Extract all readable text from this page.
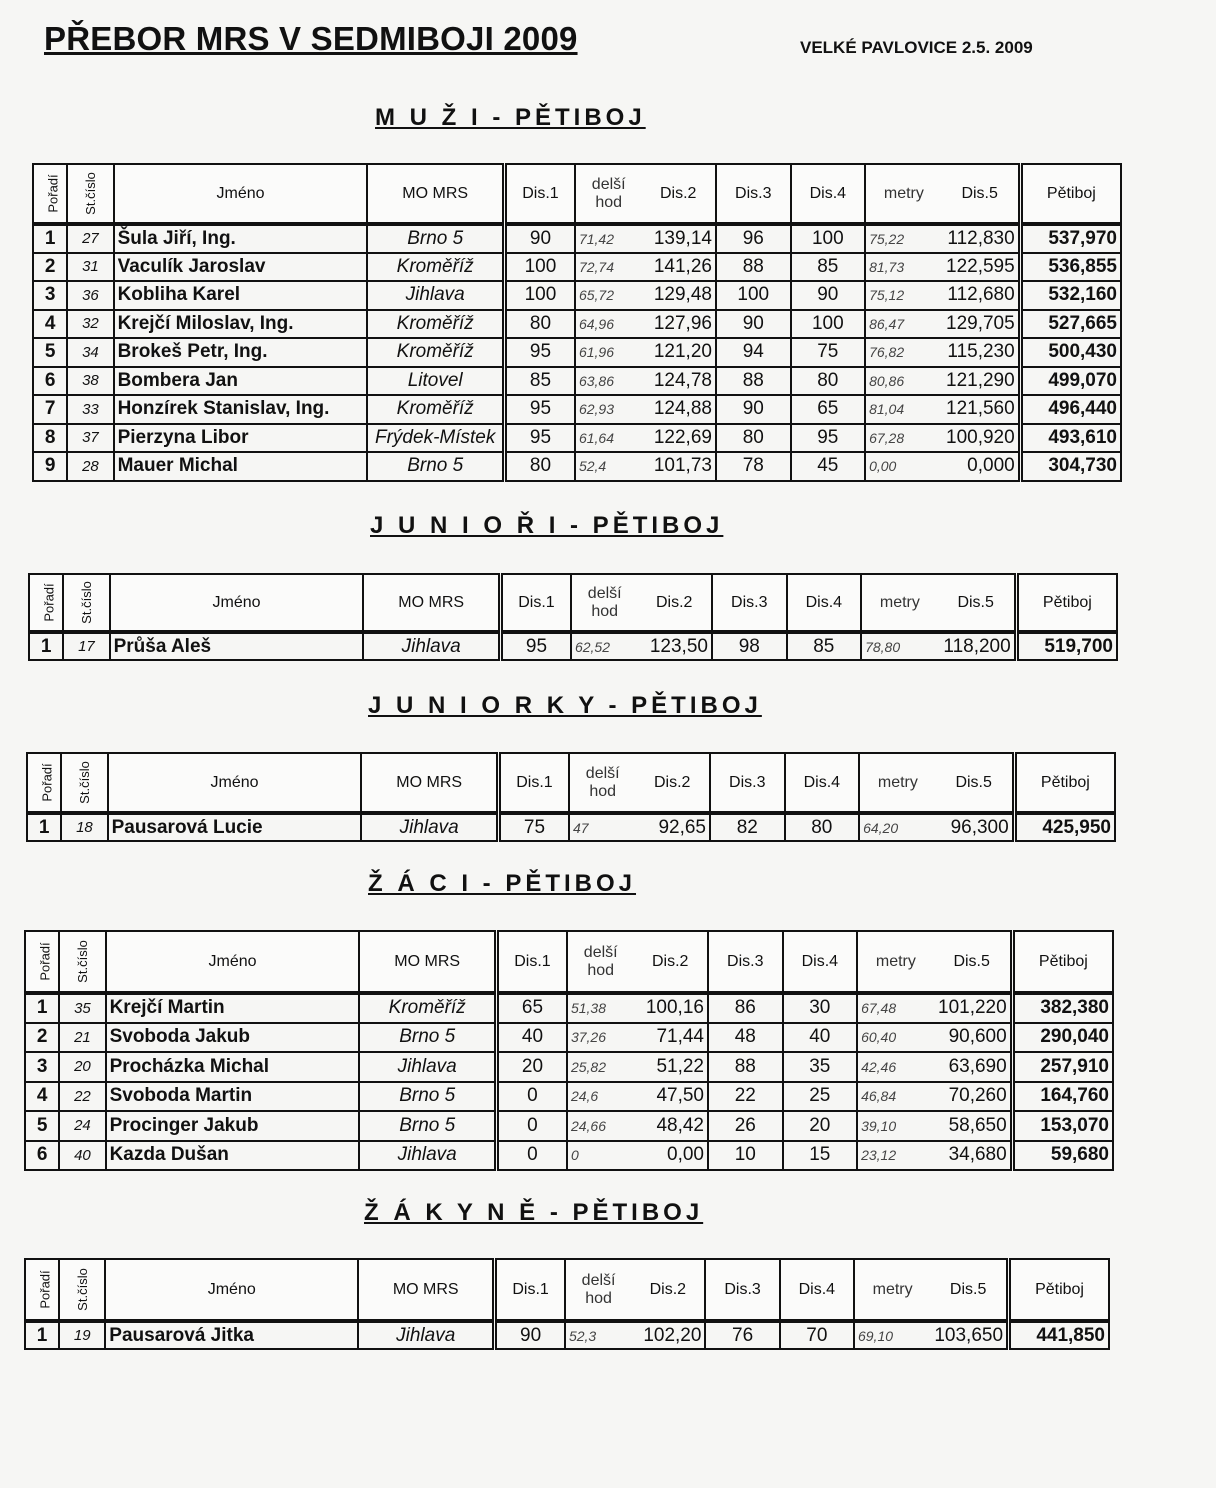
PŘEBOR MRS V SEDMIBOJI 2009	VELKÉ PAVLOVICE 2.5. 2009
M U Ž I - PĚTIBOJ
Pořadí	St.číslo	Jméno	MO MRS	Dis.1	delší
hod	Dis.2	Dis.3	Dis.4	metry	Dis.5	Pětiboj
1	27	Šula Jiří, Ing.	Brno 5	90	71,42	139,14	96	100	75,22	112,830	537,970
2	31	Vaculík Jaroslav	Kroměříž	100	72,74	141,26	88	85	81,73	122,595	536,855
3	36	Kobliha Karel	Jihlava	100	65,72	129,48	100	90	75,12	112,680	532,160
4	32	Krejčí Miloslav, Ing.	Kroměříž	80	64,96	127,96	90	100	86,47	129,705	527,665
5	34	Brokeš Petr, Ing.	Kroměříž	95	61,96	121,20	94	75	76,82	115,230	500,430
6	38	Bombera Jan	Litovel	85	63,86	124,78	88	80	80,86	121,290	499,070
7	33	Honzírek Stanislav, Ing.	Kroměříž	95	62,93	124,88	90	65	81,04	121,560	496,440
8	37	Pierzyna Libor	Frýdek-Místek	95	61,64	122,69	80	95	67,28	100,920	493,610
9	28	Mauer Michal	Brno 5	80	52,4	101,73	78	45	0,00	0,000	304,730
J U N I O Ř I - PĚTIBOJ
Pořadí	St.číslo	Jméno	MO MRS	Dis.1	delší
hod	Dis.2	Dis.3	Dis.4	metry	Dis.5	Pětiboj
1	17	Průša Aleš	Jihlava	95	62,52	123,50	98	85	78,80	118,200	519,700
J U N I O R K Y - PĚTIBOJ
Pořadí	St.číslo	Jméno	MO MRS	Dis.1	delší
hod	Dis.2	Dis.3	Dis.4	metry	Dis.5	Pětiboj
1	18	Pausarová Lucie	Jihlava	75	47	92,65	82	80	64,20	96,300	425,950
Ž Á C I - PĚTIBOJ
Pořadí	St.číslo	Jméno	MO MRS	Dis.1	delší
hod	Dis.2	Dis.3	Dis.4	metry	Dis.5	Pětiboj
1	35	Krejčí Martin	Kroměříž	65	51,38	100,16	86	30	67,48	101,220	382,380
2	21	Svoboda Jakub	Brno 5	40	37,26	71,44	48	40	60,40	90,600	290,040
3	20	Procházka Michal	Jihlava	20	25,82	51,22	88	35	42,46	63,690	257,910
4	22	Svoboda Martin	Brno 5	0	24,6	47,50	22	25	46,84	70,260	164,760
5	24	Procinger Jakub	Brno 5	0	24,66	48,42	26	20	39,10	58,650	153,070
6	40	Kazda Dušan	Jihlava	0	0	0,00	10	15	23,12	34,680	59,680
Ž Á K Y N Ě - PĚTIBOJ
Pořadí	St.číslo	Jméno	MO MRS	Dis.1	delší
hod	Dis.2	Dis.3	Dis.4	metry	Dis.5	Pětiboj
1	19	Pausarová Jitka	Jihlava	90	52,3	102,20	76	70	69,10	103,650	441,850
